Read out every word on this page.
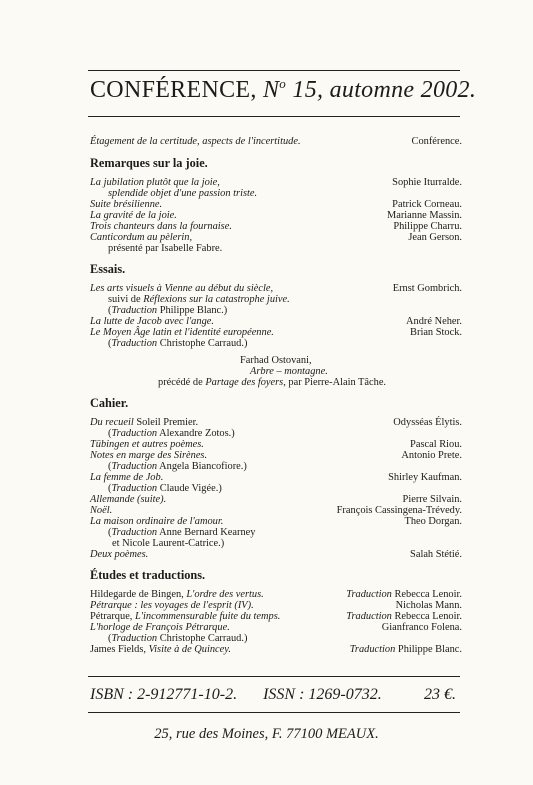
CONFÉRENCE, $N^o$ 15, automne 2002.
Étagement de la certitude, aspects de l'incertitude.	Conférence.
Remarques sur la joie.
La jubilation plutôt que la joie,	Sophie Iturralde.
splendide objet d'une passion triste.
Suite brésilienne.	Patrick Corneau.
La gravité de la joie.	Marianne Massin.
Trois chanteurs dans la fournaise.	Philippe Charru.
Canticordum au pèlerin,	Jean Gerson.
présenté par Isabelle Fabre.
Essais.
Les arts visuels à Vienne au début du siècle,	Ernst Gombrich.
suivi de Réflexions sur la catastrophe juive.
(Traduction Philippe Blanc.)
La lutte de Jacob avec l'ange.	André Neher.
Le Moyen Âge latin et l'identité européenne.	Brian Stock.
(Traduction Christophe Carraud.)
Farhad Ostovani,
Arbre – montagne.
précédé de Partage des foyers, par Pierre-Alain Tâche.
Cahier.
Du recueil Soleil Premier.	Odysséas Élytis.
(Traduction Alexandre Zotos.)
Tübingen et autres poèmes.	Pascal Riou.
Notes en marge des Sirènes.	Antonio Prete.
(Traduction Angela Biancofiore.)
La femme de Job.	Shirley Kaufman.
(Traduction Claude Vigée.)
Allemande (suite).	Pierre Silvain.
Noël.	François Cassingena-Trévedy.
La maison ordinaire de l'amour.	Theo Dorgan.
(Traduction Anne Bernard Kearney
et Nicole Laurent-Catrice.)
Deux poèmes.	Salah Stétié.
Études et traductions.
Hildegarde de Bingen, L'ordre des vertus.	Traduction Rebecca Lenoir.
Pétrarque : les voyages de l'esprit (IV).	Nicholas Mann.
Pétrarque, L'incommensurable fuite du temps.	Traduction Rebecca Lenoir.
L'horloge de François Pétrarque.	Gianfranco Folena.
(Traduction Christophe Carraud.)
James Fields, Visite à de Quincey.	Traduction Philippe Blanc.
ISBN : 2-912771-10-2. ISSN : 1269-0732.	23 €.
25, rue des Moines, F. 77100 MEAUX.
